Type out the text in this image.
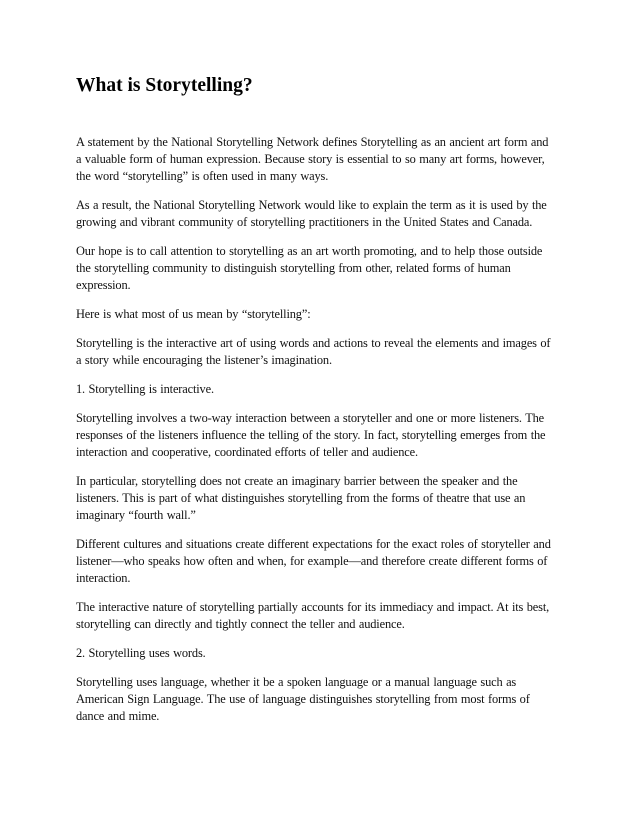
What is Storytelling?

A statement by the National Storytelling Network defines Storytelling as an ancient art form and
a valuable form of human expression. Because story is essential to so many art forms, however,
the word “storytelling” is often used in many ways.

As a result, the National Storytelling Network would like to explain the term as it is used by the
growing and vibrant community of storytelling practitioners in the United States and Canada.

Our hope is to call attention to storytelling as an art worth promoting, and to help those outside
the storytelling community to distinguish storytelling from other, related forms of human
expression.

Here is what most of us mean by “storytelling”:

Storytelling is the interactive art of using words and actions to reveal the elements and images of
a story while encouraging the listener’s imagination.

1. Storytelling is interactive.

Storytelling involves a two-way interaction between a storyteller and one or more listeners. The
responses of the listeners influence the telling of the story. In fact, storytelling emerges from the
interaction and cooperative, coordinated efforts of teller and audience.

In particular, storytelling does not create an imaginary barrier between the speaker and the
listeners. This is part of what distinguishes storytelling from the forms of theatre that use an
imaginary “fourth wall.”

Different cultures and situations create different expectations for the exact roles of storyteller and
listener—who speaks how often and when, for example—and therefore create different forms of
interaction.

The interactive nature of storytelling partially accounts for its immediacy and impact. At its best,
storytelling can directly and tightly connect the teller and audience.

2. Storytelling uses words.

Storytelling uses language, whether it be a spoken language or a manual language such as
American Sign Language. The use of language distinguishes storytelling from most forms of
dance and mime.
